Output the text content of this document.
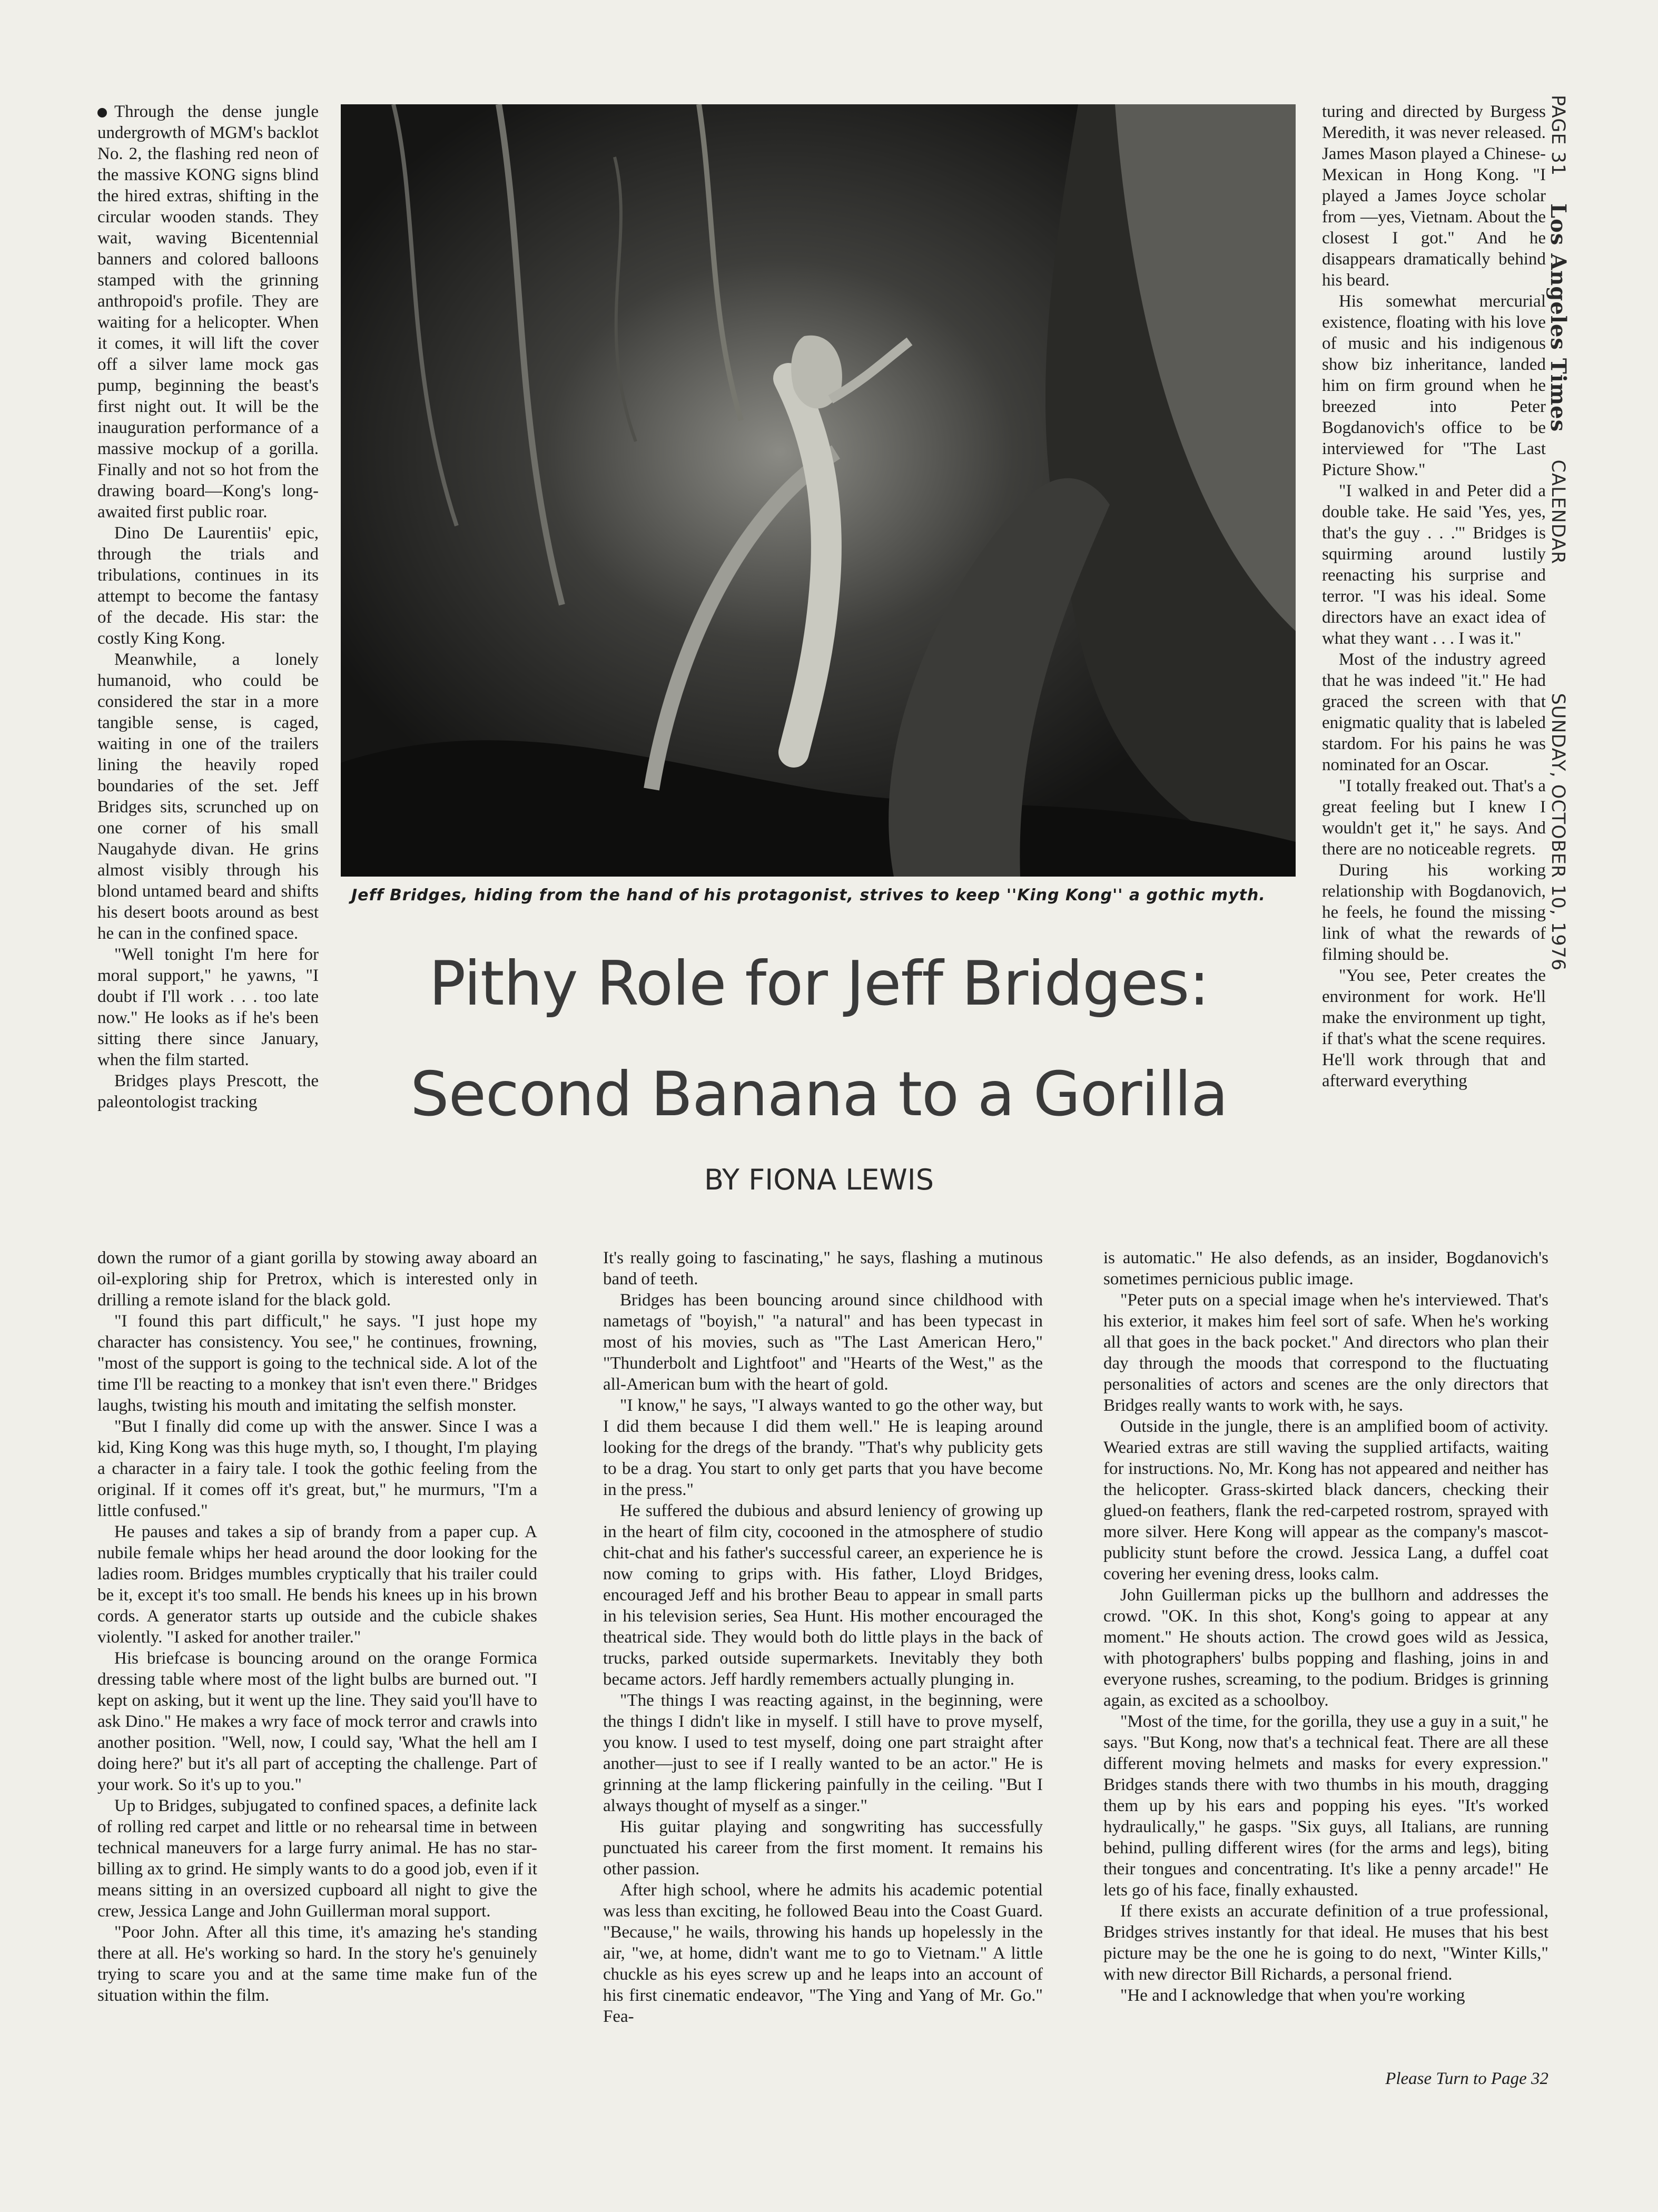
Through the dense jungle undergrowth of MGM's backlot No. 2, the flashing red neon of the massive KONG signs blind the hired extras, shifting in the circular wooden stands. They wait, waving Bicentennial banners and colored balloons stamped with the grinning anthropoid's profile. They are waiting for a helicopter. When it comes, it will lift the cover off a silver lame mock gas pump, beginning the beast's first night out. It will be the inauguration performance of a massive mockup of a gorilla. Finally and not so hot from the drawing board—Kong's long-awaited first public roar.

Dino De Laurentiis' epic, through the trials and tribulations, continues in its attempt to become the fantasy of the decade. His star: the costly King Kong.

Meanwhile, a lonely humanoid, who could be considered the star in a more tangible sense, is caged, waiting in one of the trailers lining the heavily roped boundaries of the set. Jeff Bridges sits, scrunched up on one corner of his small Naugahyde divan. He grins almost visibly through his blond untamed beard and shifts his desert boots around as best he can in the confined space.

"Well tonight I'm here for moral support," he yawns, "I doubt if I'll work . . . too late now." He looks as if he's been sitting there since January, when the film started.

Bridges plays Prescott, the paleontologist tracking

Jeff Bridges, hiding from the hand of his protagonist, strives to keep ''King Kong'' a gothic myth.
Pithy Role for Jeff Bridges:
Second Banana to a Gorilla
BY FIONA LEWIS

turing and directed by Burgess Meredith, it was never released. James Mason played a Chinese-Mexican in Hong Kong. "I played a James Joyce scholar from —yes, Vietnam. About the closest I got." And he disappears dramatically behind his beard.

His somewhat mercurial existence, floating with his love of music and his indigenous show biz inheritance, landed him on firm ground when he breezed into Peter Bogdanovich's office to be interviewed for "The Last Picture Show."

"I walked in and Peter did a double take. He said 'Yes, yes, that's the guy . . .'" Bridges is squirming around lustily reenacting his surprise and terror. "I was his ideal. Some directors have an exact idea of what they want . . . I was it."

Most of the industry agreed that he was indeed "it." He had graced the screen with that enigmatic quality that is labeled stardom. For his pains he was nominated for an Oscar.

"I totally freaked out. That's a great feeling but I knew I wouldn't get it," he says. And there are no noticeable regrets.

During his working relationship with Bogdanovich, he feels, he found the missing link of what the rewards of filming should be.

"You see, Peter creates the environment for work. He'll make the environment up tight, if that's what the scene requires. He'll work through that and afterward everything

PAGE 31 Los Angeles Times CALENDAR  SUNDAY, OCTOBER 10, 1976

down the rumor of a giant gorilla by stowing away aboard an oil-exploring ship for Pretrox, which is interested only in drilling a remote island for the black gold.

"I found this part difficult," he says. "I just hope my character has consistency. You see," he continues, frowning, "most of the support is going to the technical side. A lot of the time I'll be reacting to a monkey that isn't even there." Bridges laughs, twisting his mouth and imitating the selfish monster.

"But I finally did come up with the answer. Since I was a kid, King Kong was this huge myth, so, I thought, I'm playing a character in a fairy tale. I took the gothic feeling from the original. If it comes off it's great, but," he murmurs, "I'm a little confused."

He pauses and takes a sip of brandy from a paper cup. A nubile female whips her head around the door looking for the ladies room. Bridges mumbles cryptically that his trailer could be it, except it's too small. He bends his knees up in his brown cords. A generator starts up outside and the cubicle shakes violently. "I asked for another trailer."

His briefcase is bouncing around on the orange Formica dressing table where most of the light bulbs are burned out. "I kept on asking, but it went up the line. They said you'll have to ask Dino." He makes a wry face of mock terror and crawls into another position. "Well, now, I could say, 'What the hell am I doing here?' but it's all part of accepting the challenge. Part of your work. So it's up to you."

Up to Bridges, subjugated to confined spaces, a definite lack of rolling red carpet and little or no rehearsal time in between technical maneuvers for a large furry animal. He has no star-billing ax to grind. He simply wants to do a good job, even if it means sitting in an oversized cupboard all night to give the crew, Jessica Lange and John Guillerman moral support.

"Poor John. After all this time, it's amazing he's standing there at all. He's working so hard. In the story he's genuinely trying to scare you and at the same time make fun of the situation within the film.

It's really going to fascinating," he says, flashing a mutinous band of teeth.

Bridges has been bouncing around since childhood with nametags of "boyish," "a natural" and has been typecast in most of his movies, such as "The Last American Hero," "Thunderbolt and Lightfoot" and "Hearts of the West," as the all-American bum with the heart of gold.

"I know," he says, "I always wanted to go the other way, but I did them because I did them well." He is leaping around looking for the dregs of the brandy. "That's why publicity gets to be a drag. You start to only get parts that you have become in the press."

He suffered the dubious and absurd leniency of growing up in the heart of film city, cocooned in the atmosphere of studio chit-chat and his father's successful career, an experience he is now coming to grips with. His father, Lloyd Bridges, encouraged Jeff and his brother Beau to appear in small parts in his television series, Sea Hunt. His mother encouraged the theatrical side. They would both do little plays in the back of trucks, parked outside supermarkets. Inevitably they both became actors. Jeff hardly remembers actually plunging in.

"The things I was reacting against, in the beginning, were the things I didn't like in myself. I still have to prove myself, you know. I used to test myself, doing one part straight after another—just to see if I really wanted to be an actor." He is grinning at the lamp flickering painfully in the ceiling. "But I always thought of myself as a singer."

His guitar playing and songwriting has successfully punctuated his career from the first moment. It remains his other passion.

After high school, where he admits his academic potential was less than exciting, he followed Beau into the Coast Guard. "Because," he wails, throwing his hands up hopelessly in the air, "we, at home, didn't want me to go to Vietnam." A little chuckle as his eyes screw up and he leaps into an account of his first cinematic endeavor, "The Ying and Yang of Mr. Go." Fea-

is automatic." He also defends, as an insider, Bogdanovich's sometimes pernicious public image.

"Peter puts on a special image when he's interviewed. That's his exterior, it makes him feel sort of safe. When he's working all that goes in the back pocket." And directors who plan their day through the moods that correspond to the fluctuating personalities of actors and scenes are the only directors that Bridges really wants to work with, he says.

Outside in the jungle, there is an amplified boom of activity. Wearied extras are still waving the supplied artifacts, waiting for instructions. No, Mr. Kong has not appeared and neither has the helicopter. Grass-skirted black dancers, checking their glued-on feathers, flank the red-carpeted rostrom, sprayed with more silver. Here Kong will appear as the company's mascot-publicity stunt before the crowd. Jessica Lang, a duffel coat covering her evening dress, looks calm.

John Guillerman picks up the bullhorn and addresses the crowd. "OK. In this shot, Kong's going to appear at any moment." He shouts action. The crowd goes wild as Jessica, with photographers' bulbs popping and flashing, joins in and everyone rushes, screaming, to the podium. Bridges is grinning again, as excited as a schoolboy.

"Most of the time, for the gorilla, they use a guy in a suit," he says. "But Kong, now that's a technical feat. There are all these different moving helmets and masks for every expression." Bridges stands there with two thumbs in his mouth, dragging them up by his ears and popping his eyes. "It's worked hydraulically," he gasps. "Six guys, all Italians, are running behind, pulling different wires (for the arms and legs), biting their tongues and concentrating. It's like a penny arcade!" He lets go of his face, finally exhausted.

If there exists an accurate definition of a true professional, Bridges strives instantly for that ideal. He muses that his best picture may be the one he is going to do next, "Winter Kills," with new director Bill Richards, a personal friend.

"He and I acknowledge that when you're working

Please Turn to Page 32
